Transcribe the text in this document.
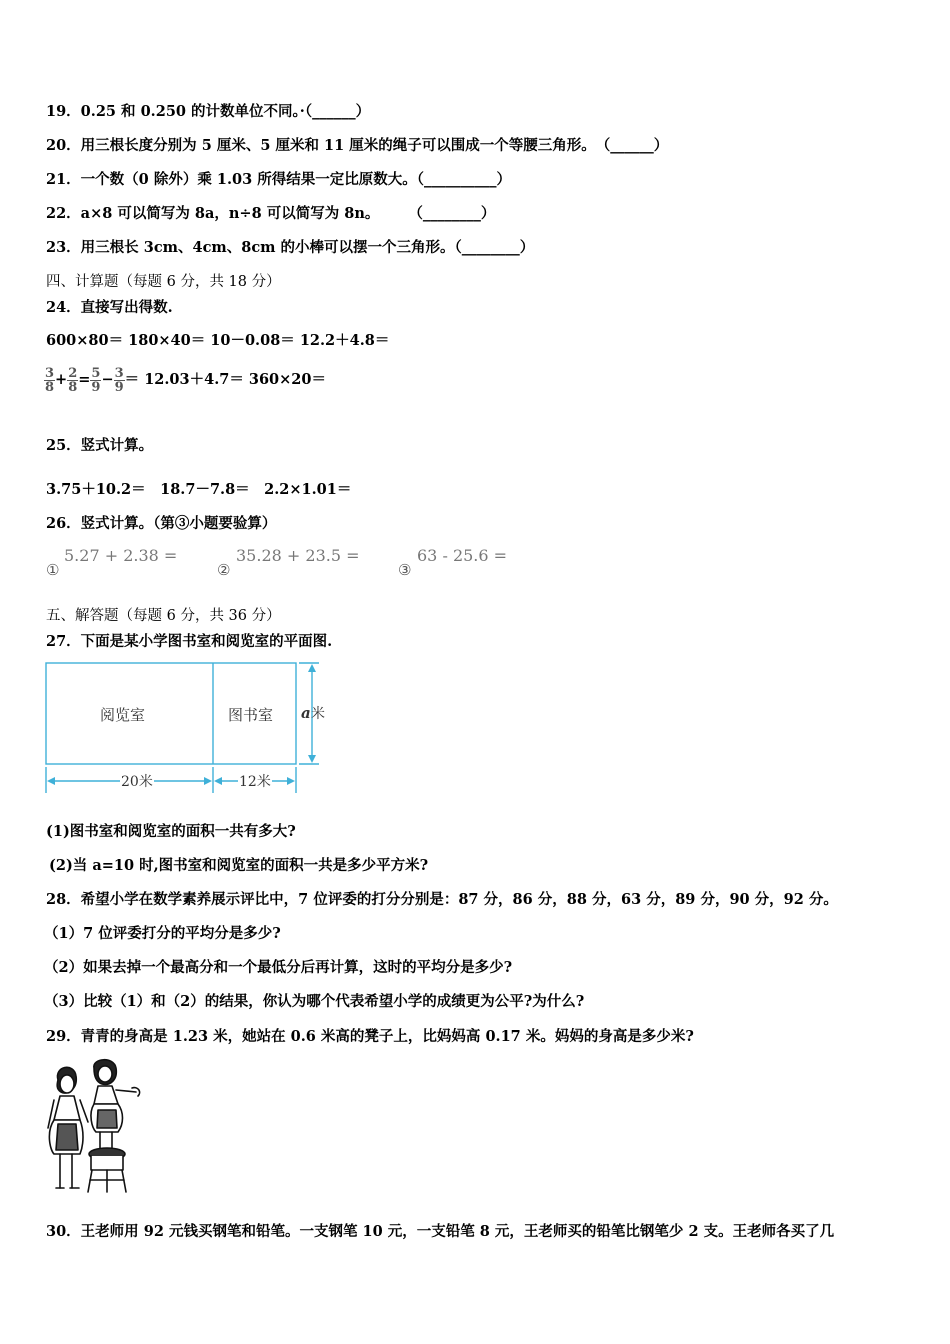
19．0.25 和 0.250 的计数单位不同。·（______）
20．用三根长度分别为 5 厘米、5 厘米和 11 厘米的绳子可以围成一个等腰三角形。　（______）
21．一个数（0 除外）乘 1.03 所得结果一定比原数大。（__________）
22．a×8 可以简写为 8a，n÷8 可以简写为 8n。　　　（________）
23．用三根长 3cm、4cm、8cm 的小棒可以摆一个三角形。（________）
四、计算题（每题 6 分，共 18 分）
24．直接写出得数.
600×80＝ 180×40＝ 10－0.08＝ 12.2＋4.8＝
$\frac{3}{8} + \frac{2}{8} = \frac{5}{9} - \frac{3}{9} = 12.03+4.7= 360\times 20=$
25．竖式计算。
3.75＋10.2＝　18.7－7.8＝　2.2×1.01＝
26．竖式计算。（第③小题要验算）
①
5.27 + 2.38 =
②
35.28 + 23.5 =
③
63 - 25.6 =
五、解答题（每题 6 分，共 36 分）
27．下面是某小学图书室和阅览室的平面图.
阅览室	图书室 a 米
20米	12米
(1)图书室和阅览室的面积一共有多大?
(2)当 a=10 时,图书室和阅览室的面积一共是多少平方米?
28．希望小学在数学素养展示评比中，7 位评委的打分分别是：87 分，86 分，88 分，63 分，89 分，90 分，92 分。
（1）7 位评委打分的平均分是多少?
（2）如果去掉一个最高分和一个最低分后再计算，这时的平均分是多少?
（3）比较（1）和（2）的结果，你认为哪个代表希望小学的成绩更为公平?为什么?
29．青青的身高是 1.23 米，她站在 0.6 米高的凳子上，比妈妈高 0.17 米。妈妈的身高是多少米?
30．王老师用 92 元钱买钢笔和铅笔。一支钢笔 10 元，一支铅笔 8 元，王老师买的铅笔比钢笔少 2 支。王老师各买了几
